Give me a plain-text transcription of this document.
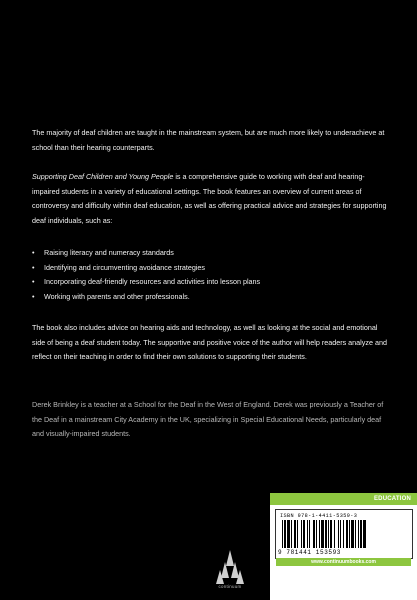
The majority of deaf children are taught in the mainstream system, but are much more likely to underachieve at school than their hearing counterparts.

Supporting Deaf Children and Young People is a comprehensive guide to working with deaf and hearing-impaired students in a variety of educational settings. The book features an overview of current areas of controversy and difficulty within deaf education, as well as offering practical advice and strategies for supporting deaf individuals, such as:

• Raising literacy and numeracy standards
• Identifying and circumventing avoidance strategies
• Incorporating deaf-friendly resources and activities into lesson plans
• Working with parents and other professionals.

The book also includes advice on hearing aids and technology, as well as looking at the social and emotional side of being a deaf student today. The supportive and positive voice of the author will help readers analyze and reflect on their teaching in order to find their own solutions to supporting their students.

Derek Brinkley is a teacher at a School for the Deaf in the West of England. Derek was previously a Teacher of the Deaf in a mainstream City Academy in the UK, specializing in Special Educational Needs, particularly deaf and visually-impaired students.

continuum
EDUCATION
ISBN 978-1-4411-5359-3
9 781441 153593
www.continuumbooks.com
